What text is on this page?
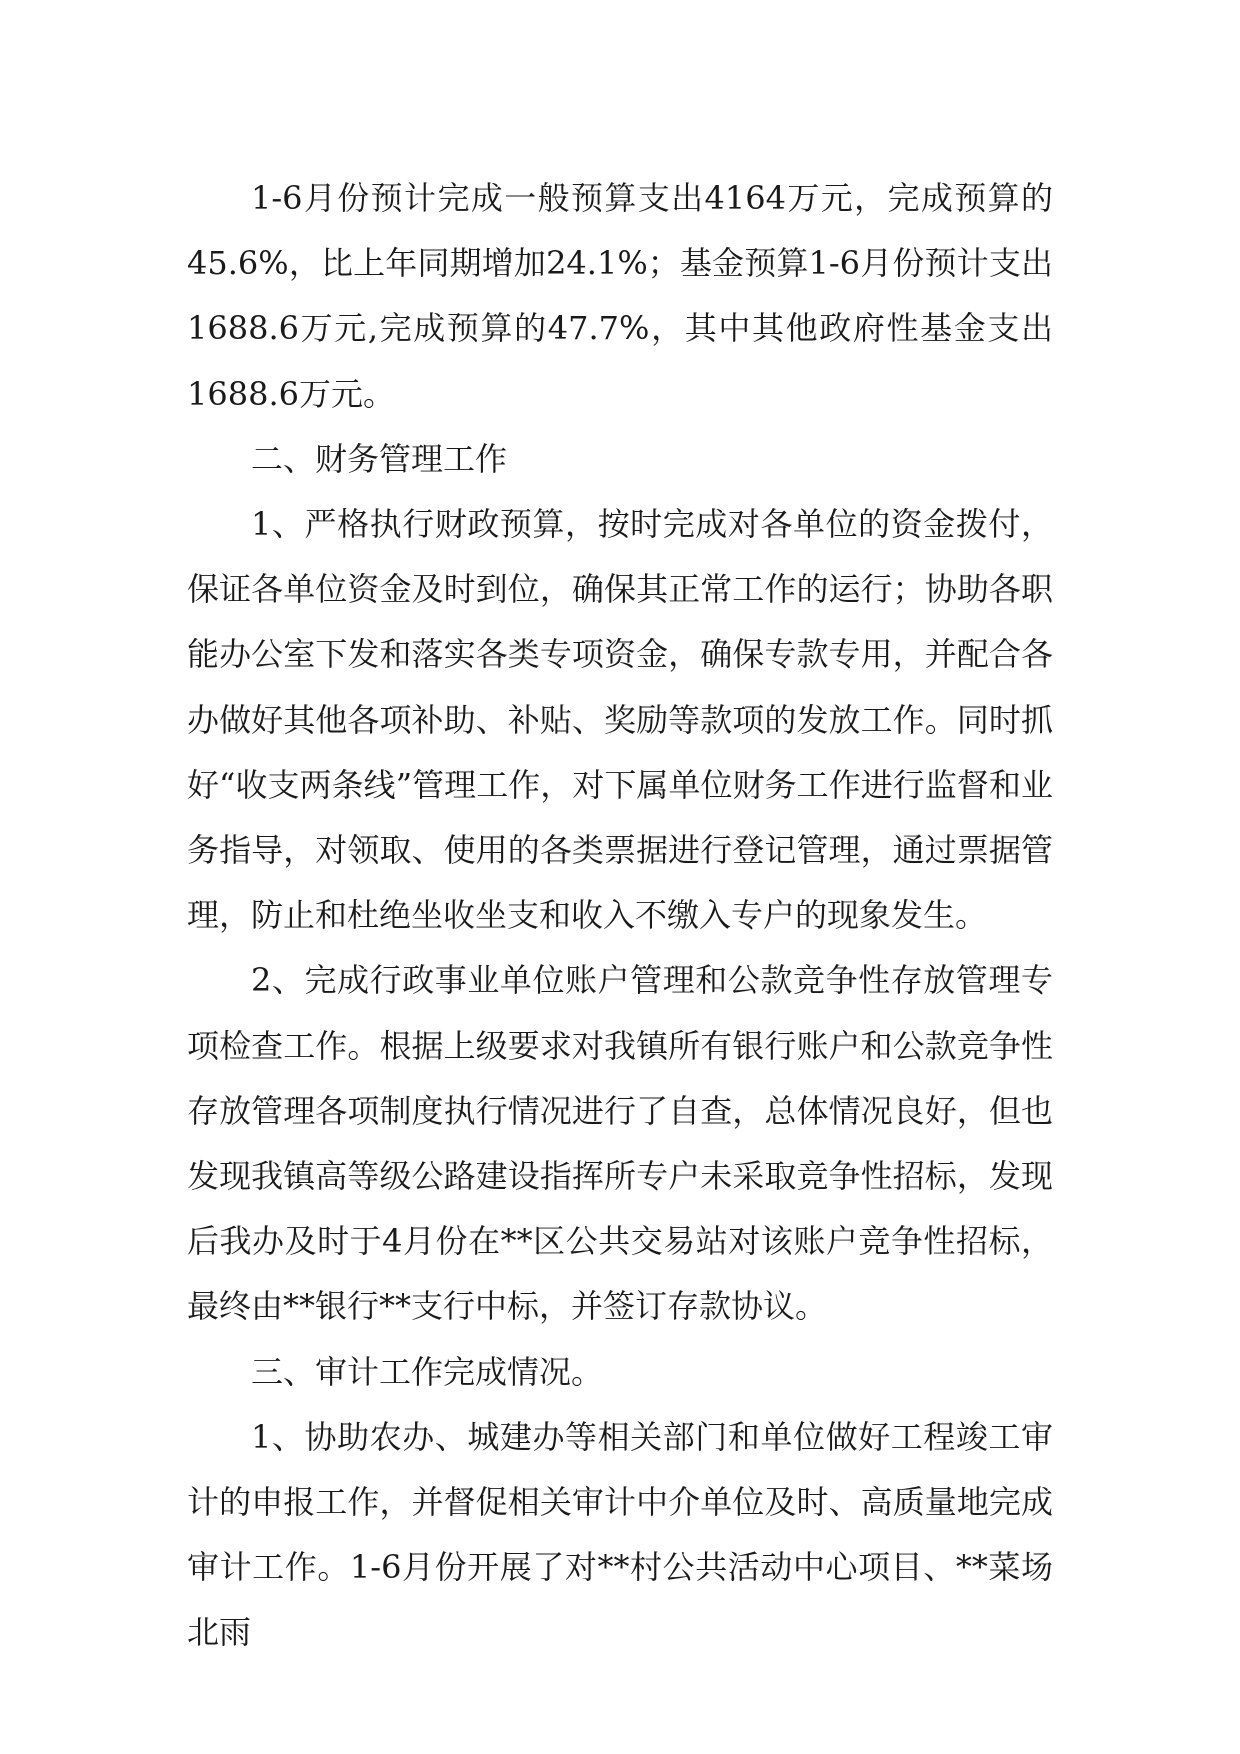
1-6月份预计完成一般预算支出4164万元，完成预算的45.6%，比上年同期增加24.1%；基金预算1-6月份预计支出1688.6万元,完成预算的47.7%，其中其他政府性基金支出1688.6万元。

二、财务管理工作

1、严格执行财政预算，按时完成对各单位的资金拨付，保证各单位资金及时到位，确保其正常工作的运行；协助各职能办公室下发和落实各类专项资金，确保专款专用，并配合各办做好其他各项补助、补贴、奖励等款项的发放工作。同时抓好“收支两条线”管理工作，对下属单位财务工作进行监督和业务指导，对领取、使用的各类票据进行登记管理，通过票据管理，防止和杜绝坐收坐支和收入不缴入专户的现象发生。

2、完成行政事业单位账户管理和公款竞争性存放管理专项检查工作。根据上级要求对我镇所有银行账户和公款竞争性存放管理各项制度执行情况进行了自查，总体情况良好，但也发现我镇高等级公路建设指挥所专户未采取竞争性招标，发现后我办及时于4月份在**区公共交易站对该账户竞争性招标，最终由**银行**支行中标，并签订存款协议。

三、审计工作完成情况。

1、协助农办、城建办等相关部门和单位做好工程竣工审计的申报工作，并督促相关审计中介单位及时、高质量地完成审计工作。1-6月份开展了对**村公共活动中心项目、**菜场北雨
